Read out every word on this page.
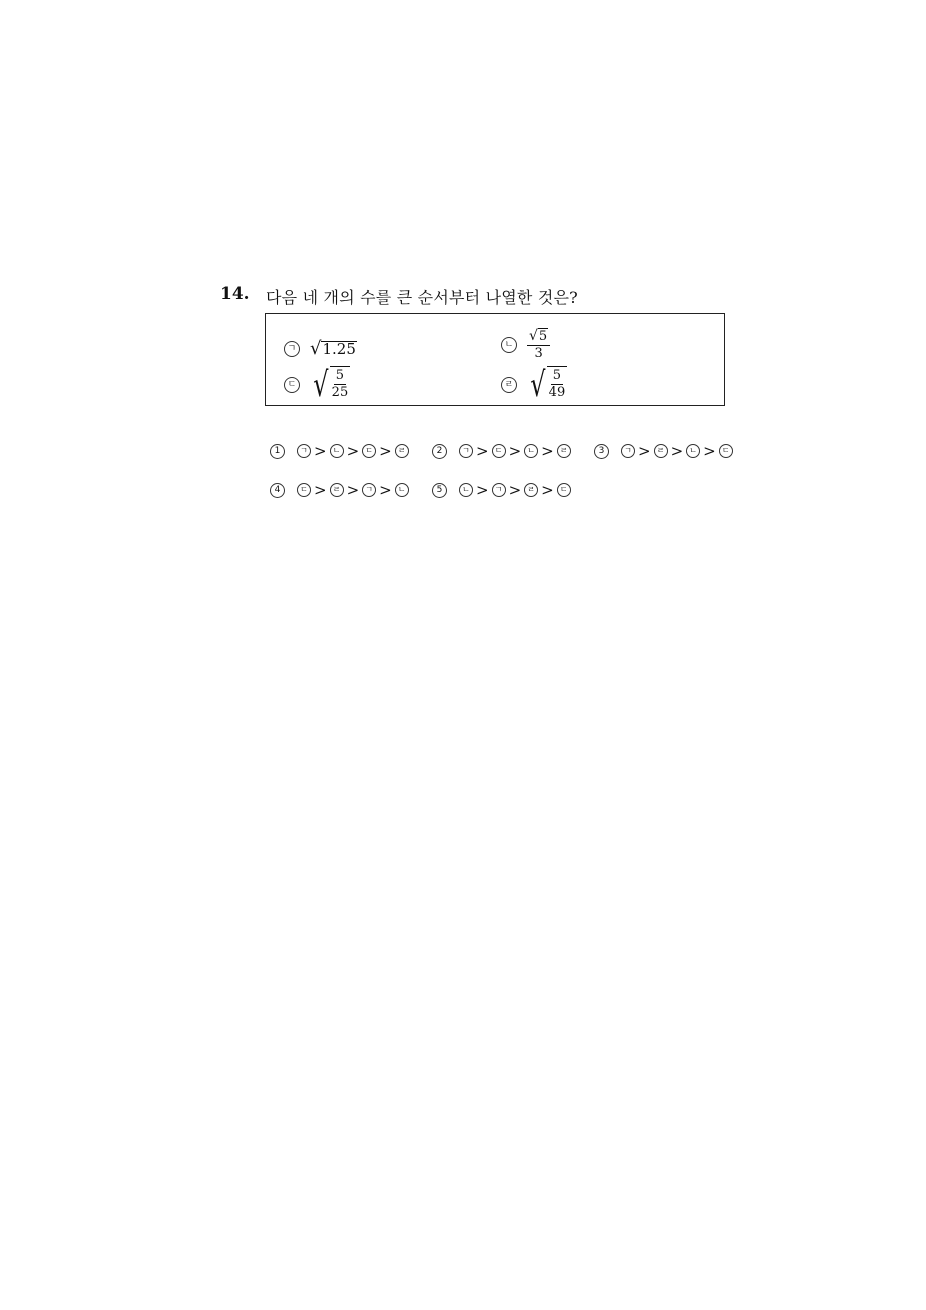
14. 다음 네 개의 수를 큰 순서부터 나열한 것은?
ㄱ √ 1.25	ㄴ $\frac{√5}{3}$
ㄷ √ $\frac{5}{25}$	ㄹ √ $\frac{5}{49}$
1	ㄱ > ㄴ > ㄷ > ㄹ	2	ㄱ > ㄷ > ㄴ > ㄹ	3	ㄱ > ㄹ > ㄴ > ㄷ
4	ㄷ > ㄹ > ㄱ > ㄴ	5	ㄴ > ㄱ > ㄹ > ㄷ
